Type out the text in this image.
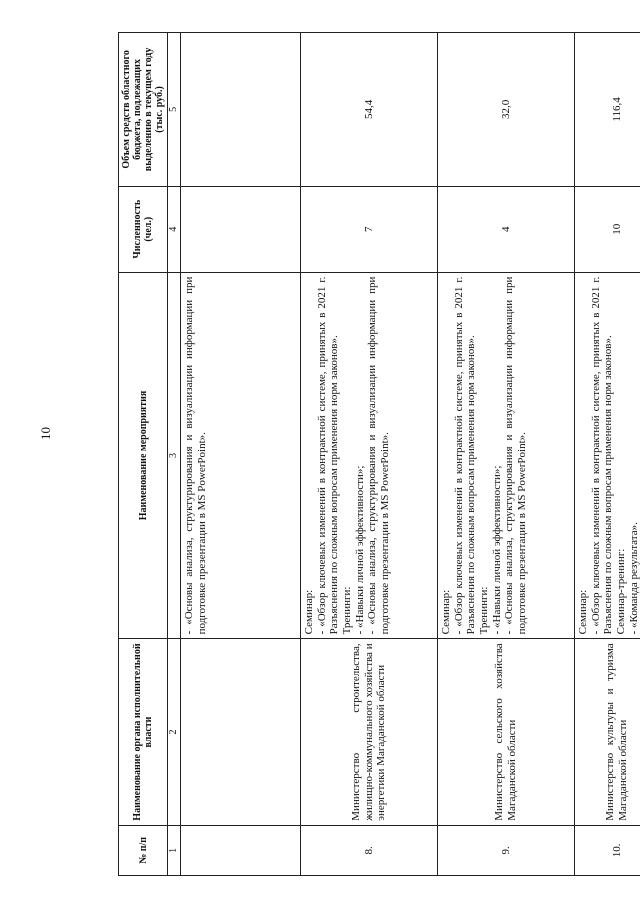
10
№ п/п	Наименование органа исполнительной власти	Наименование мероприятия	Численность (чел.)	Объем средств областного бюджета, подлежащих выделению в текущем году (тыс. руб.)
1	2	3	4	5

		- «Основы анализа, структурирования и визуализации информации при подготовке презентации в MS PowerPoint».		

8.	Министерство строительства, жилищно-коммунального хозяйства и энергетики Магаданской области	Семинар: - «Обзор ключевых изменений в контрактной системе, принятых в 2021 г. Разъяснения по сложным вопросам применения норм законов». Тренинги: - «Навыки личной эффективности»; - «Основы анализа, структурирования и визуализации информации при подготовке презентации в MS PowerPoint».	7	54,4
9.	Министерство сельского хозяйства Магаданской области	Семинар: - «Обзор ключевых изменений в контрактной системе, принятых в 2021 г. Разъяснения по сложным вопросам применения норм законов». Тренинги: - «Навыки личной эффективности»; - «Основы анализа, структурирования и визуализации информации при подготовке презентации в MS PowerPoint».	4	32,0
10.	Министерство культуры и туризма Магаданской области	Семинар: - «Обзор ключевых изменений в контрактной системе, принятых в 2021 г. Разъяснения по сложным вопросам применения норм законов». Семинар-тренинг: - «Команда результата».	10	116,4
